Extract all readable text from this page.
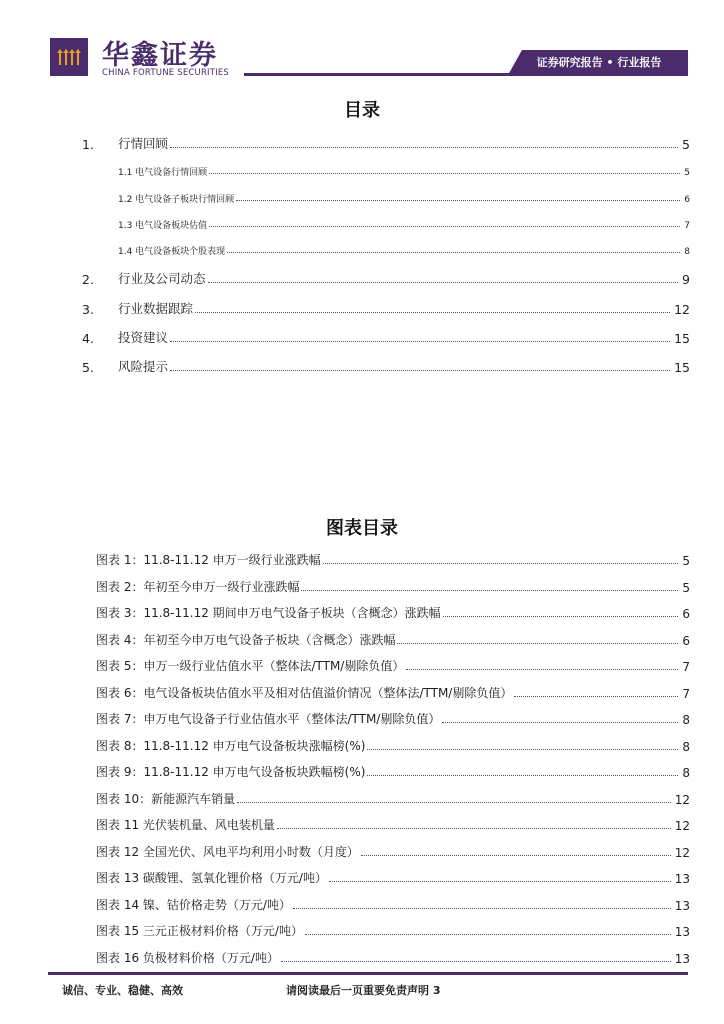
华鑫证券
CHINA FORTUNE SECURITIES
证券研究报告 • 行业报告
目录
1.	行情回顾	5
1.1 电气设备行情回顾	5
1.2 电气设备子板块行情回顾	6
1.3 电气设备板块估值	7
1.4 电气设备板块个股表现	8
2.	行业及公司动态	9
3.	行业数据跟踪	12
4.	投资建议	15
5.	风险提示	15
图表目录
图表 1：11.8-11.12 申万一级行业涨跌幅	5
图表 2：年初至今申万一级行业涨跌幅	5
图表 3：11.8-11.12 期间申万电气设备子板块（含概念）涨跌幅	6
图表 4：年初至今申万电气设备子板块（含概念）涨跌幅	6
图表 5：申万一级行业估值水平（整体法/TTM/剔除负值）	7
图表 6：电气设备板块估值水平及相对估值溢价情况（整体法/TTM/剔除负值）	7
图表 7：申万电气设备子行业估值水平（整体法/TTM/剔除负值）	8
图表 8：11.8-11.12 申万电气设备板块涨幅榜(%)	8
图表 9：11.8-11.12 申万电气设备板块跌幅榜(%)	8
图表 10：新能源汽车销量	12
图表 11 光伏装机量、风电装机量	12
图表 12 全国光伏、风电平均利用小时数（月度）	12
图表 13 碳酸锂、氢氧化锂价格（万元/吨）	13
图表 14 镍、钴价格走势（万元/吨）	13
图表 15 三元正极材料价格（万元/吨）	13
图表 16 负极材料价格（万元/吨）	13
诚信、专业、稳健、高效	请阅读最后一页重要免责声明 3
